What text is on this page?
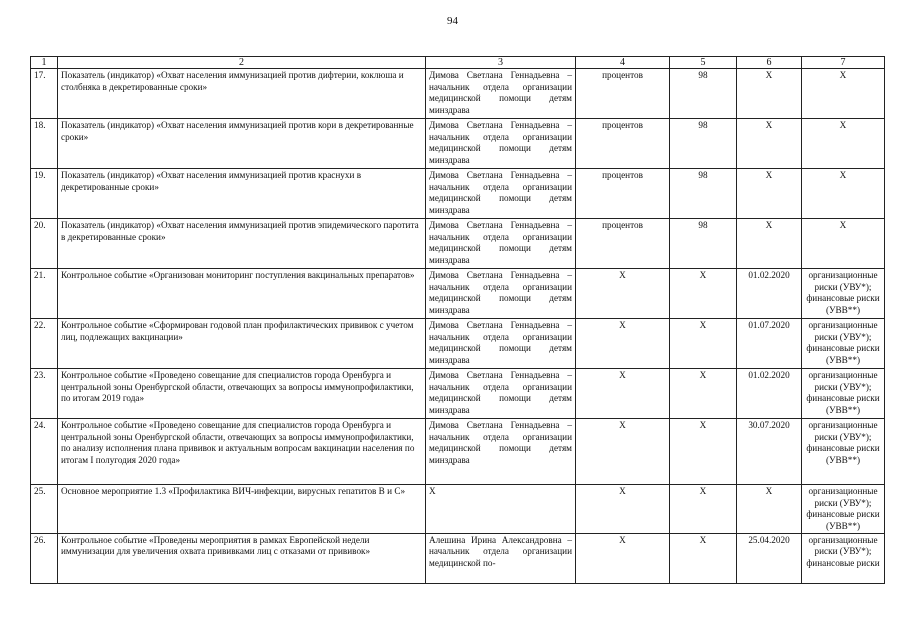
94
1	2	3	4	5	6	7
17.	Показатель (индикатор) «Охват населения иммунизацией против дифтерии, коклюша и столбняка в декретированные сроки»	Димова Светлана Геннадьевна – начальник отдела организации медицинской помощи детям минздрава	процентов	98	Х	Х
18.	Показатель (индикатор) «Охват населения иммунизацией против кори в декретированные сроки»	Димова Светлана Геннадьевна – начальник отдела организации медицинской помощи детям минздрава	процентов	98	Х	Х
19.	Показатель (индикатор) «Охват населения иммунизацией против краснухи в декретированные сроки»	Димова Светлана Геннадьевна – начальник отдела организации медицинской помощи детям минздрава	процентов	98	Х	Х
20.	Показатель (индикатор) «Охват населения иммунизацией против эпидемического паротита в декретированные сроки»	Димова Светлана Геннадьевна – начальник отдела организации медицинской помощи детям минздрава	процентов	98	Х	Х
21.	Контрольное событие «Организован мониторинг поступления вакцинальных препаратов»	Димова Светлана Геннадьевна – начальник отдела организации медицинской помощи детям минздрава	Х	Х	01.02.2020	организационные риски (УВУ*); финансовые риски (УВВ**)
22.	Контрольное событие «Сформирован годовой план профилактических прививок с учетом лиц, подлежащих вакцинации»	Димова Светлана Геннадьевна – начальник отдела организации медицинской помощи детям минздрава	Х	Х	01.07.2020	организационные риски (УВУ*); финансовые риски (УВВ**)
23.	Контрольное событие «Проведено совещание для специалистов города Оренбурга и центральной зоны Оренбургской области, отвечающих за вопросы иммунопрофилактики, по итогам 2019 года»	Димова Светлана Геннадьевна – начальник отдела организации медицинской помощи детям минздрава	Х	Х	01.02.2020	организационные риски (УВУ*); финансовые риски (УВВ**)
24.	Контрольное событие «Проведено совещание для специалистов города Оренбурга и центральной зоны Оренбургской области, отвечающих за вопросы иммунопрофилактики, по анализу исполнения плана прививок и актуальным вопросам вакцинации населения по итогам I полугодия 2020 года»	Димова Светлана Геннадьевна – начальник отдела организации медицинской помощи детям минздрава	Х	Х	30.07.2020	организационные риски (УВУ*); финансовые риски (УВВ**)
25.	Основное мероприятие 1.3 «Профилактика ВИЧ-инфекции, вирусных гепатитов В и С»	Х	Х	Х	Х	организационные риски (УВУ*); финансовые риски (УВВ**)
26.	Контрольное событие «Проведены мероприятия в рамках Европейской недели иммунизации для увеличения охвата прививками лиц с отказами от прививок»	Алешина Ирина Александровна – начальник отдела организации медицинской по-	Х	Х	25.04.2020	организационные риски (УВУ*); финансовые риски
